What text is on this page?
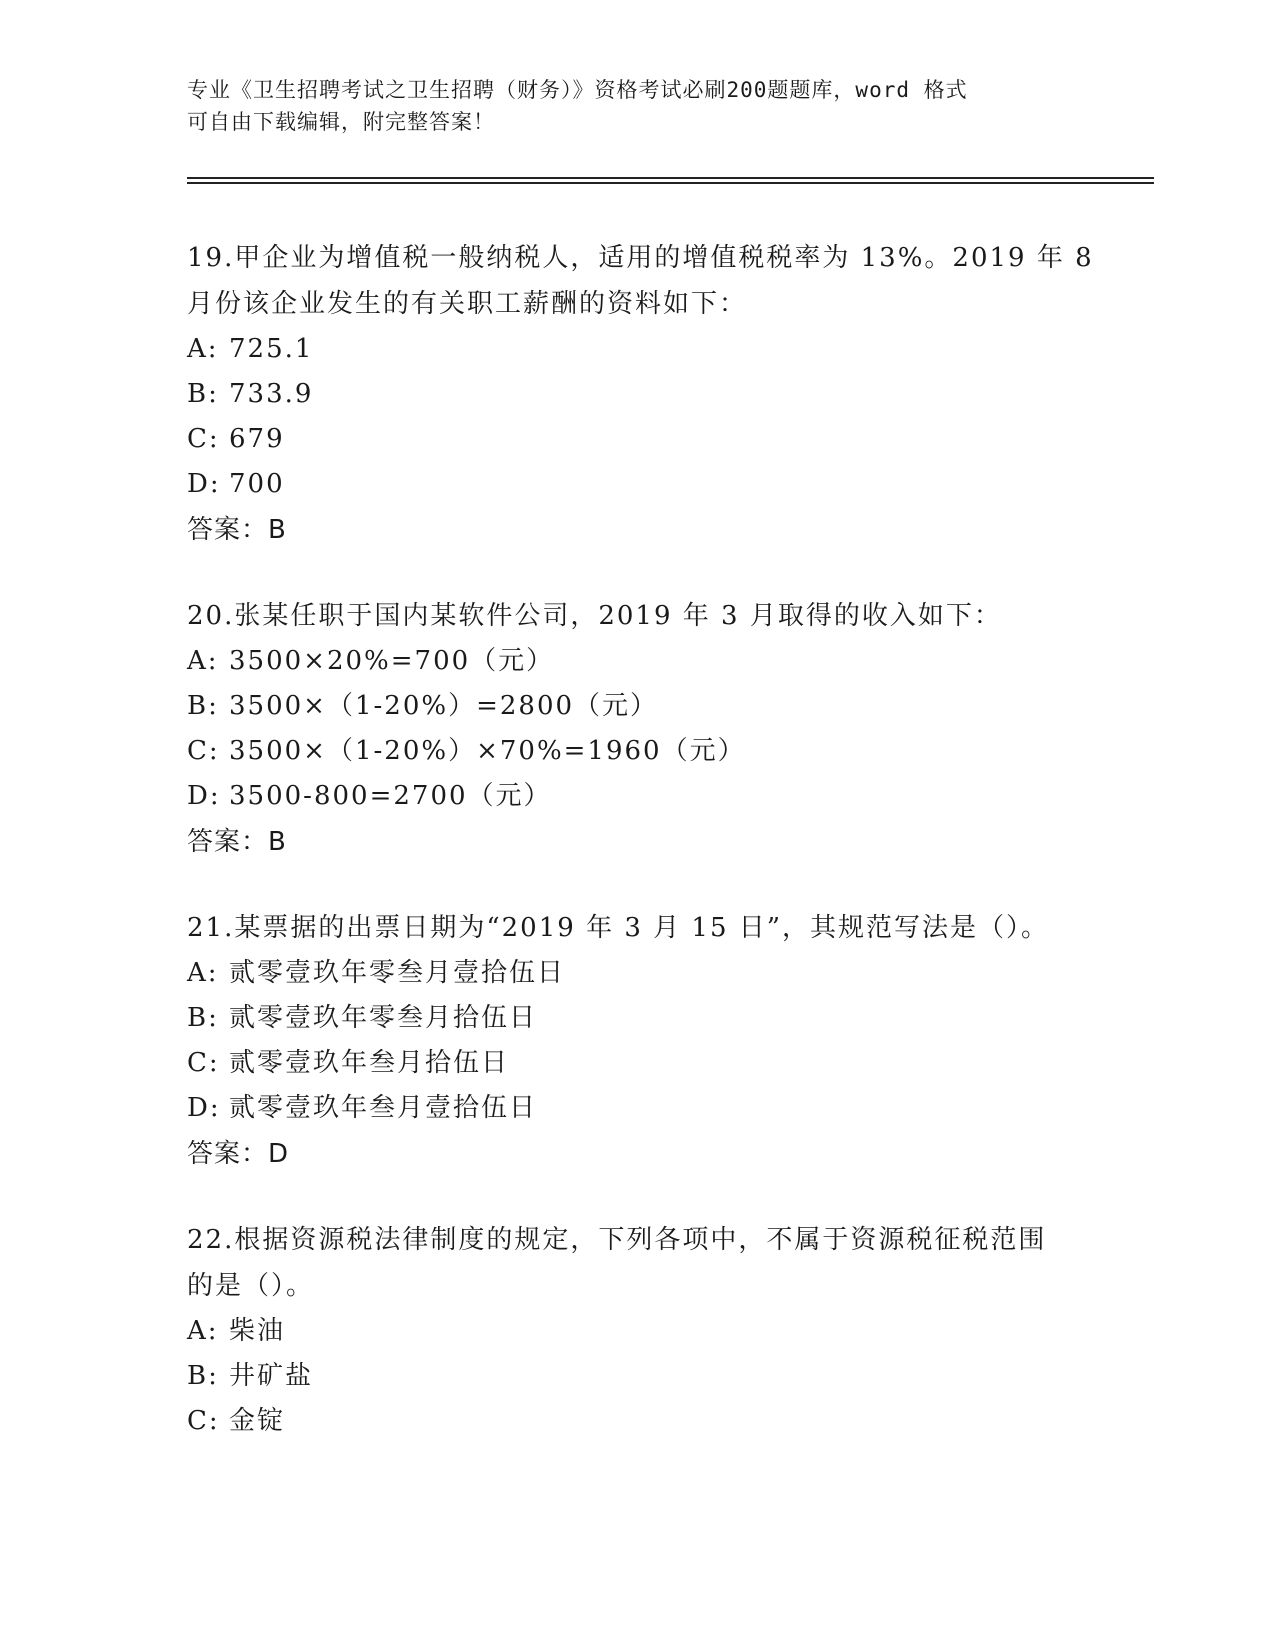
专业《卫生招聘考试之卫生招聘（财务）》资格考试必刷200题题库，word 格式
可自由下载编辑，附完整答案！
19.甲企业为增值税一般纳税人，适用的增值税税率为 13%。2019 年 8
月份该企业发生的有关职工薪酬的资料如下：
A: 725.1
B: 733.9
C: 679
D: 700
答案：B
20.张某任职于国内某软件公司，2019 年 3 月取得的收入如下：
A: 3500×20%=700（元）
B: 3500×（1-20%）=2800（元）
C: 3500×（1-20%）×70%=1960（元）
D: 3500-800=2700（元）
答案：B
21.某票据的出票日期为“2019 年 3 月 15 日”，其规范写法是（）。
A: 贰零壹玖年零叁月壹拾伍日
B: 贰零壹玖年零叁月拾伍日
C: 贰零壹玖年叁月拾伍日
D: 贰零壹玖年叁月壹拾伍日
答案：D
22.根据资源税法律制度的规定，下列各项中，不属于资源税征税范围
的是（）。
A: 柴油
B: 井矿盐
C: 金锭
